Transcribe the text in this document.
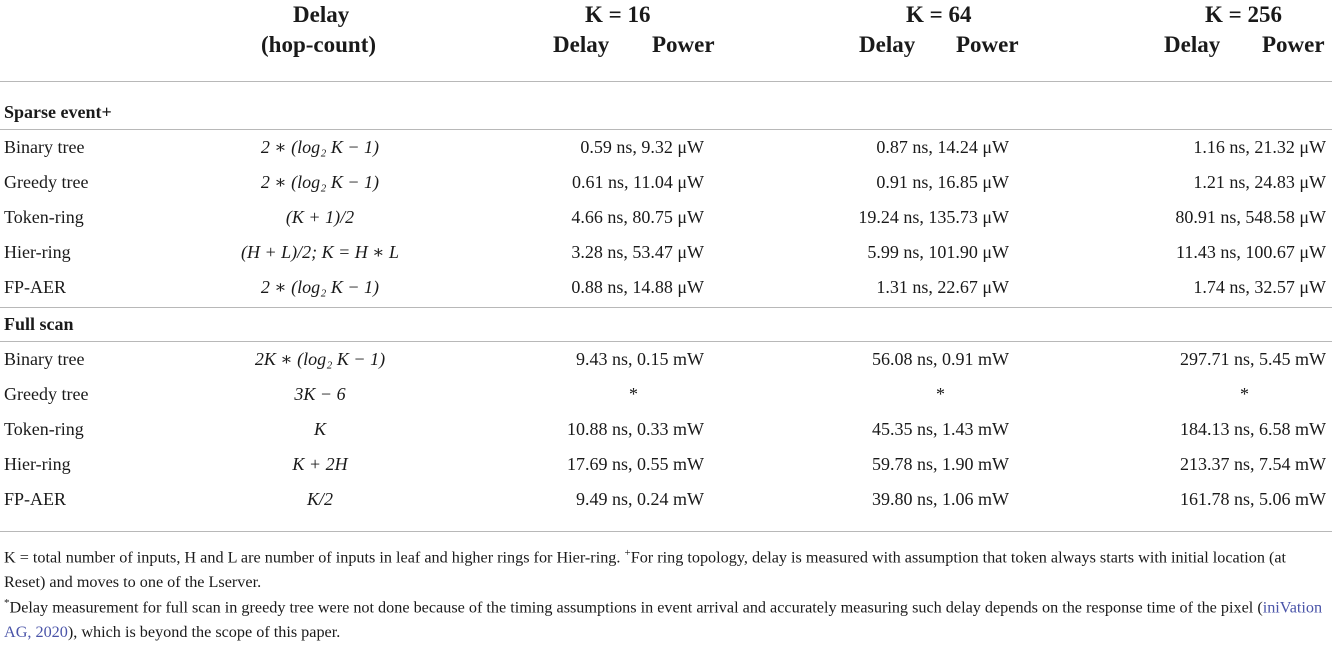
Delay
(hop-count)
K = 16
Delay Power
K = 64
Delay Power
K = 256
Delay Power
Sparse event+
Binary tree	2 ∗ (log₂ K − 1)	0.59 ns, 9.32 μW	0.87 ns, 14.24 μW	1.16 ns, 21.32 μW
Greedy tree	2 ∗ (log₂ K − 1)	0.61 ns, 11.04 μW	0.91 ns, 16.85 μW	1.21 ns, 24.83 μW
Token-ring	(K + 1)/2	4.66 ns, 80.75 μW	19.24 ns, 135.73 μW	80.91 ns, 548.58 μW
Hier-ring	(H + L)/2; K = H ∗ L	3.28 ns, 53.47 μW	5.99 ns, 101.90 μW	11.43 ns, 100.67 μW
FP-AER	2 ∗ (log₂ K − 1)	0.88 ns, 14.88 μW	1.31 ns, 22.67 μW	1.74 ns, 32.57 μW
Full scan
Binary tree	2K ∗ (log₂ K − 1)	9.43 ns, 0.15 mW	56.08 ns, 0.91 mW	297.71 ns, 5.45 mW
Greedy tree	3K − 6	*	*	*
Token-ring	K	10.88 ns, 0.33 mW	45.35 ns, 1.43 mW	184.13 ns, 6.58 mW
Hier-ring	K + 2H	17.69 ns, 0.55 mW	59.78 ns, 1.90 mW	213.37 ns, 7.54 mW
FP-AER	K/2	9.49 ns, 0.24 mW	39.80 ns, 1.06 mW	161.78 ns, 5.06 mW
K = total number of inputs, H and L are number of inputs in leaf and higher rings for Hier-ring. +For ring topology, delay is measured with assumption that token always starts with initial location (at Reset) and moves to one of the Lserver.
*Delay measurement for full scan in greedy tree were not done because of the timing assumptions in event arrival and accurately measuring such delay depends on the response time of the pixel (iniVation AG, 2020), which is beyond the scope of this paper.
